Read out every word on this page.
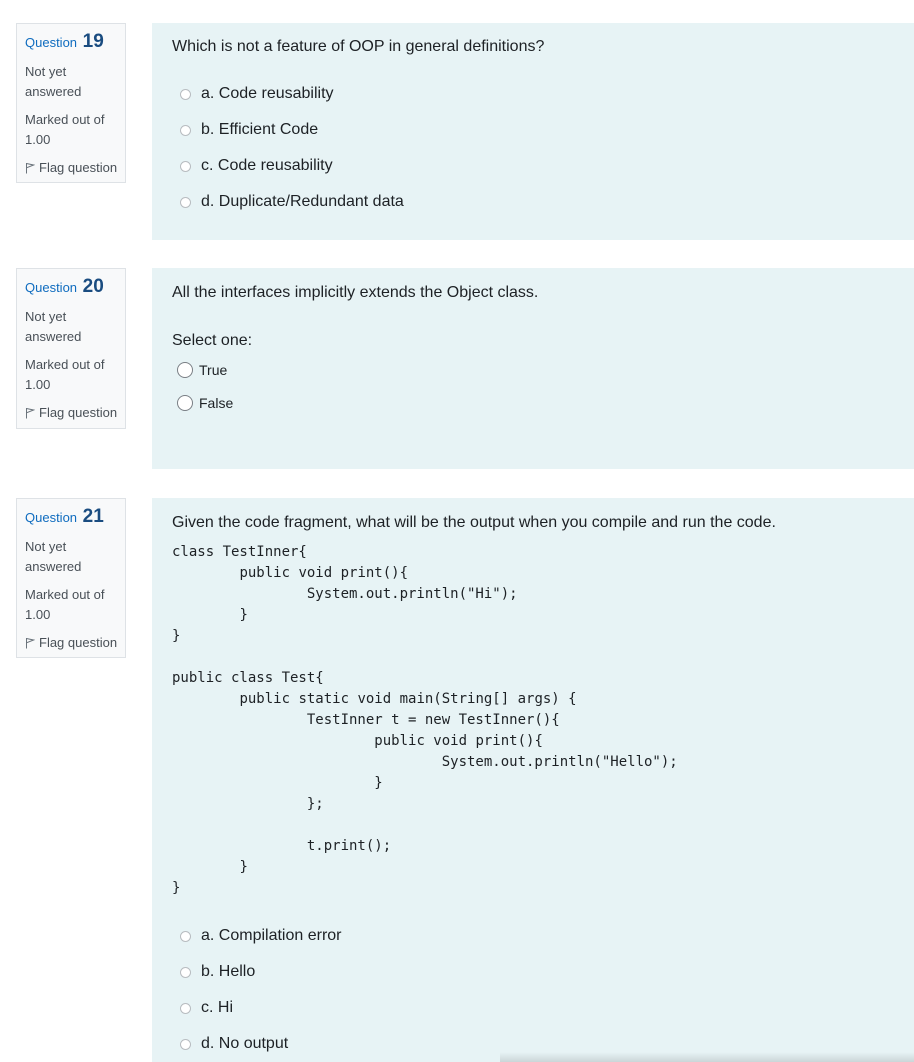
Question 19
Not yet answered
Marked out of 1.00
Flag question
Which is not a feature of OOP in general definitions?
a. Code reusability
b. Efficient Code
c. Code reusability
d. Duplicate/Redundant data
Question 20
Not yet answered
Marked out of 1.00
Flag question
All the interfaces implicitly extends the Object class.
Select one:
True
False
Question 21
Not yet answered
Marked out of 1.00
Flag question
Given the code fragment, what will be the output when you compile and run the code.
class TestInner{
	public void print(){
		System.out.println("Hi");
	}
}

public class Test{
	public static void main(String[] args) {
		TestInner t = new TestInner(){
			public void print(){
				System.out.println("Hello");
			}
		};

		t.print();
	}
}
a. Compilation error
b. Hello
c. Hi
d. No output
